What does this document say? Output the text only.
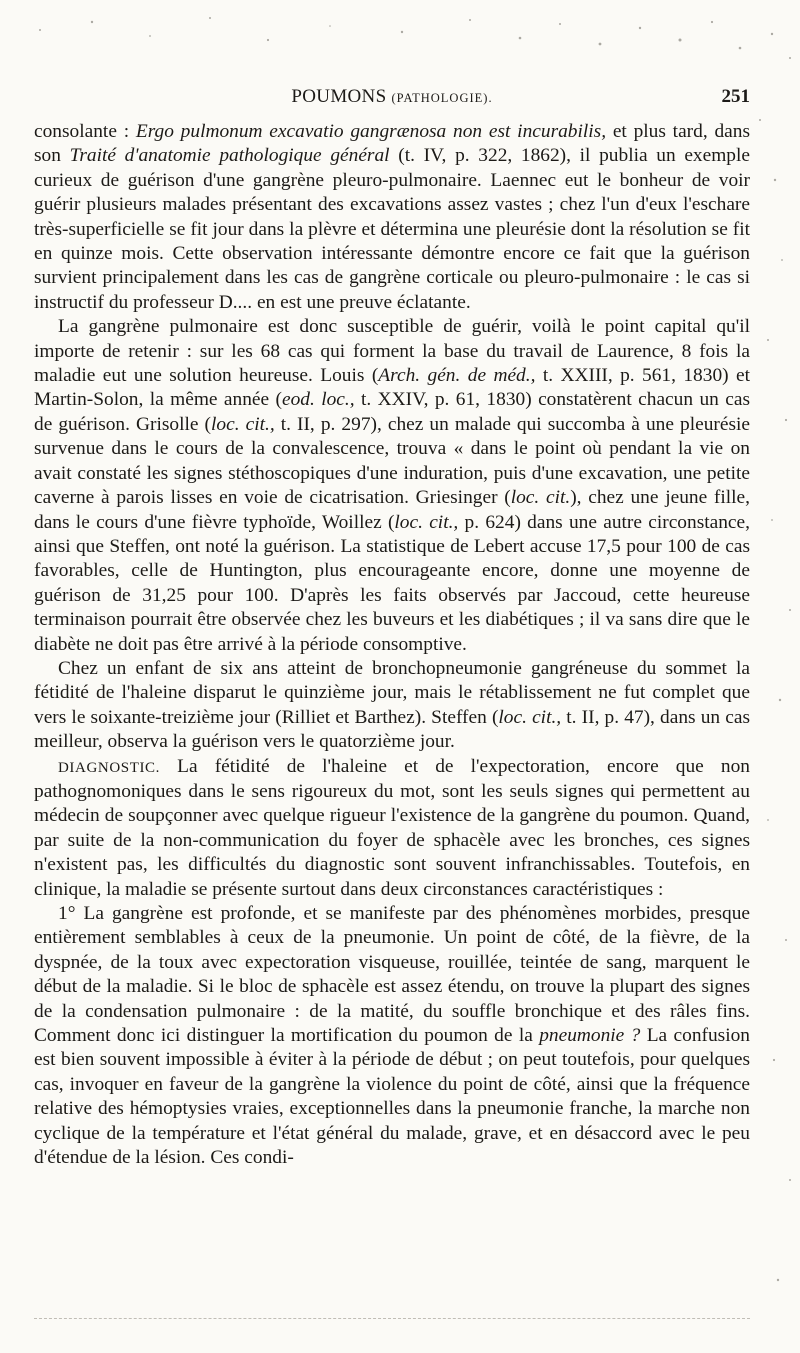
POUMONS (PATHOLOGIE).	251

consolante : Ergo pulmonum excavatio gangrænosa non est incurabilis, et plus tard, dans son Traité d'anatomie pathologique général (t. IV, p. 322, 1862), il publia un exemple curieux de guérison d'une gangrène pleuro-pulmonaire. Laennec eut le bonheur de voir guérir plusieurs malades présentant des excavations assez vastes ; chez l'un d'eux l'eschare très-superficielle se fit jour dans la plèvre et détermina une pleurésie dont la résolution se fit en quinze mois. Cette observation intéressante démontre encore ce fait que la guérison survient principalement dans les cas de gangrène corticale ou pleuro-pulmonaire : le cas si instructif du professeur D.... en est une preuve éclatante.

La gangrène pulmonaire est donc susceptible de guérir, voilà le point capital qu'il importe de retenir : sur les 68 cas qui forment la base du travail de Laurence, 8 fois la maladie eut une solution heureuse. Louis (Arch. gén. de méd., t. XXIII, p. 561, 1830) et Martin-Solon, la même année (eod. loc., t. XXIV, p. 61, 1830) constatèrent chacun un cas de guérison. Grisolle (loc. cit., t. II, p. 297), chez un malade qui succomba à une pleurésie survenue dans le cours de la convalescence, trouva « dans le point où pendant la vie on avait constaté les signes stéthoscopiques d'une induration, puis d'une excavation, une petite caverne à parois lisses en voie de cicatrisation. Griesinger (loc. cit.), chez une jeune fille, dans le cours d'une fièvre typhoïde, Woillez (loc. cit., p. 624) dans une autre circonstance, ainsi que Steffen, ont noté la guérison. La statistique de Lebert accuse 17,5 pour 100 de cas favorables, celle de Huntington, plus encourageante encore, donne une moyenne de guérison de 31,25 pour 100. D'après les faits observés par Jaccoud, cette heureuse terminaison pourrait être observée chez les buveurs et les diabétiques ; il va sans dire que le diabète ne doit pas être arrivé à la période consomptive.

Chez un enfant de six ans atteint de bronchopneumonie gangréneuse du sommet la fétidité de l'haleine disparut le quinzième jour, mais le rétablissement ne fut complet que vers le soixante-treizième jour (Rilliet et Barthez). Steffen (loc. cit., t. II, p. 47), dans un cas meilleur, observa la guérison vers le quatorzième jour.

DIAGNOSTIC. La fétidité de l'haleine et de l'expectoration, encore que non pathognomoniques dans le sens rigoureux du mot, sont les seuls signes qui permettent au médecin de soupçonner avec quelque rigueur l'existence de la gangrène du poumon. Quand, par suite de la non-communication du foyer de sphacèle avec les bronches, ces signes n'existent pas, les difficultés du diagnostic sont souvent infranchissables. Toutefois, en clinique, la maladie se présente surtout dans deux circonstances caractéristiques :

1° La gangrène est profonde, et se manifeste par des phénomènes morbides, presque entièrement semblables à ceux de la pneumonie. Un point de côté, de la fièvre, de la dyspnée, de la toux avec expectoration visqueuse, rouillée, teintée de sang, marquent le début de la maladie. Si le bloc de sphacèle est assez étendu, on trouve la plupart des signes de la condensation pulmonaire : de la matité, du souffle bronchique et des râles fins. Comment donc ici distinguer la mortification du poumon de la pneumonie ? La confusion est bien souvent impossible à éviter à la période de début ; on peut toutefois, pour quelques cas, invoquer en faveur de la gangrène la violence du point de côté, ainsi que la fréquence relative des hémoptysies vraies, exceptionnelles dans la pneumonie franche, la marche non cyclique de la température et l'état général du malade, grave, et en désaccord avec le peu d'étendue de la lésion. Ces condi-
